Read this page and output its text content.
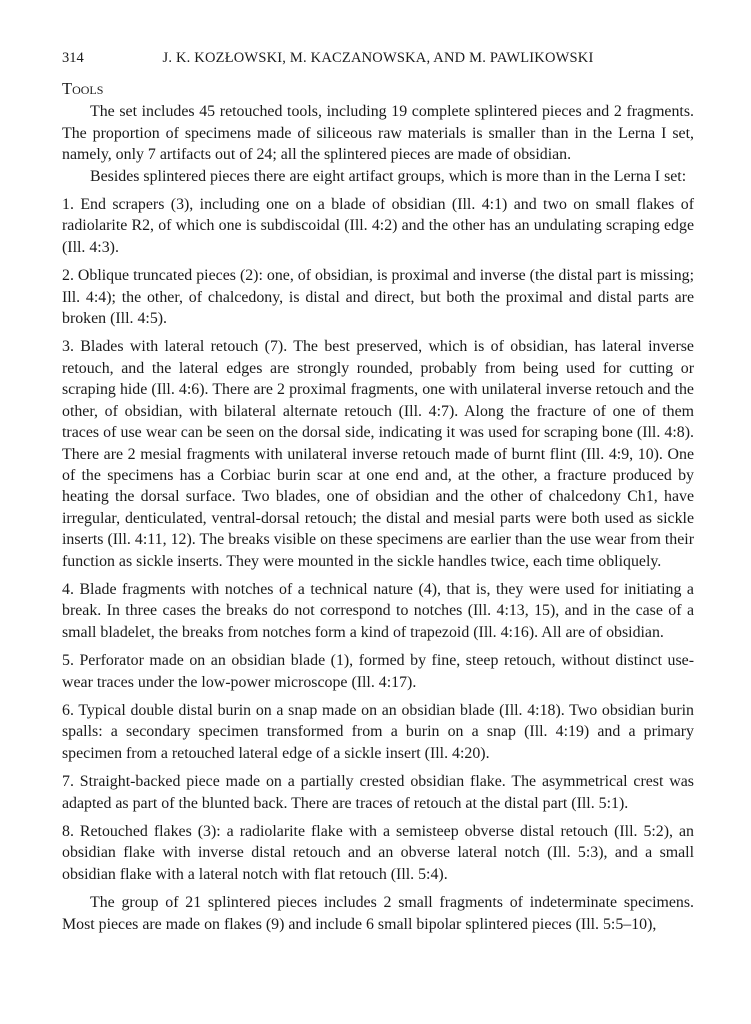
314	J. K. KOZŁOWSKI, M. KACZANOWSKA, AND M. PAWLIKOWSKI
Tools

The set includes 45 retouched tools, including 19 complete splintered pieces and 2 fragments. The proportion of specimens made of siliceous raw materials is smaller than in the Lerna I set, namely, only 7 artifacts out of 24; all the splintered pieces are made of obsidian.

Besides splintered pieces there are eight artifact groups, which is more than in the Lerna I set:

1. End scrapers (3), including one on a blade of obsidian (Ill. 4:1) and two on small flakes of radiolarite R2, of which one is subdiscoidal (Ill. 4:2) and the other has an undulating scraping edge (Ill. 4:3).

2. Oblique truncated pieces (2): one, of obsidian, is proximal and inverse (the distal part is missing; Ill. 4:4); the other, of chalcedony, is distal and direct, but both the proximal and distal parts are broken (Ill. 4:5).

3. Blades with lateral retouch (7). The best preserved, which is of obsidian, has lateral inverse retouch, and the lateral edges are strongly rounded, probably from being used for cutting or scraping hide (Ill. 4:6). There are 2 proximal fragments, one with unilateral inverse retouch and the other, of obsidian, with bilateral alternate retouch (Ill. 4:7). Along the fracture of one of them traces of use wear can be seen on the dorsal side, indicating it was used for scraping bone (Ill. 4:8). There are 2 mesial fragments with unilateral inverse retouch made of burnt flint (Ill. 4:9, 10). One of the specimens has a Corbiac burin scar at one end and, at the other, a fracture produced by heating the dorsal surface. Two blades, one of obsidian and the other of chalcedony Ch1, have irregular, denticulated, ventral-dorsal retouch; the distal and mesial parts were both used as sickle inserts (Ill. 4:11, 12). The breaks visible on these specimens are earlier than the use wear from their function as sickle inserts. They were mounted in the sickle handles twice, each time obliquely.

4. Blade fragments with notches of a technical nature (4), that is, they were used for initiating a break. In three cases the breaks do not correspond to notches (Ill. 4:13, 15), and in the case of a small bladelet, the breaks from notches form a kind of trapezoid (Ill. 4:16). All are of obsidian.

5. Perforator made on an obsidian blade (1), formed by fine, steep retouch, without distinct use-wear traces under the low-power microscope (Ill. 4:17).

6. Typical double distal burin on a snap made on an obsidian blade (Ill. 4:18). Two obsidian burin spalls: a secondary specimen transformed from a burin on a snap (Ill. 4:19) and a primary specimen from a retouched lateral edge of a sickle insert (Ill. 4:20).

7. Straight-backed piece made on a partially crested obsidian flake. The asymmetrical crest was adapted as part of the blunted back. There are traces of retouch at the distal part (Ill. 5:1).

8. Retouched flakes (3): a radiolarite flake with a semisteep obverse distal retouch (Ill. 5:2), an obsidian flake with inverse distal retouch and an obverse lateral notch (Ill. 5:3), and a small obsidian flake with a lateral notch with flat retouch (Ill. 5:4).

The group of 21 splintered pieces includes 2 small fragments of indeterminate specimens. Most pieces are made on flakes (9) and include 6 small bipolar splintered pieces (Ill. 5:5–10),
